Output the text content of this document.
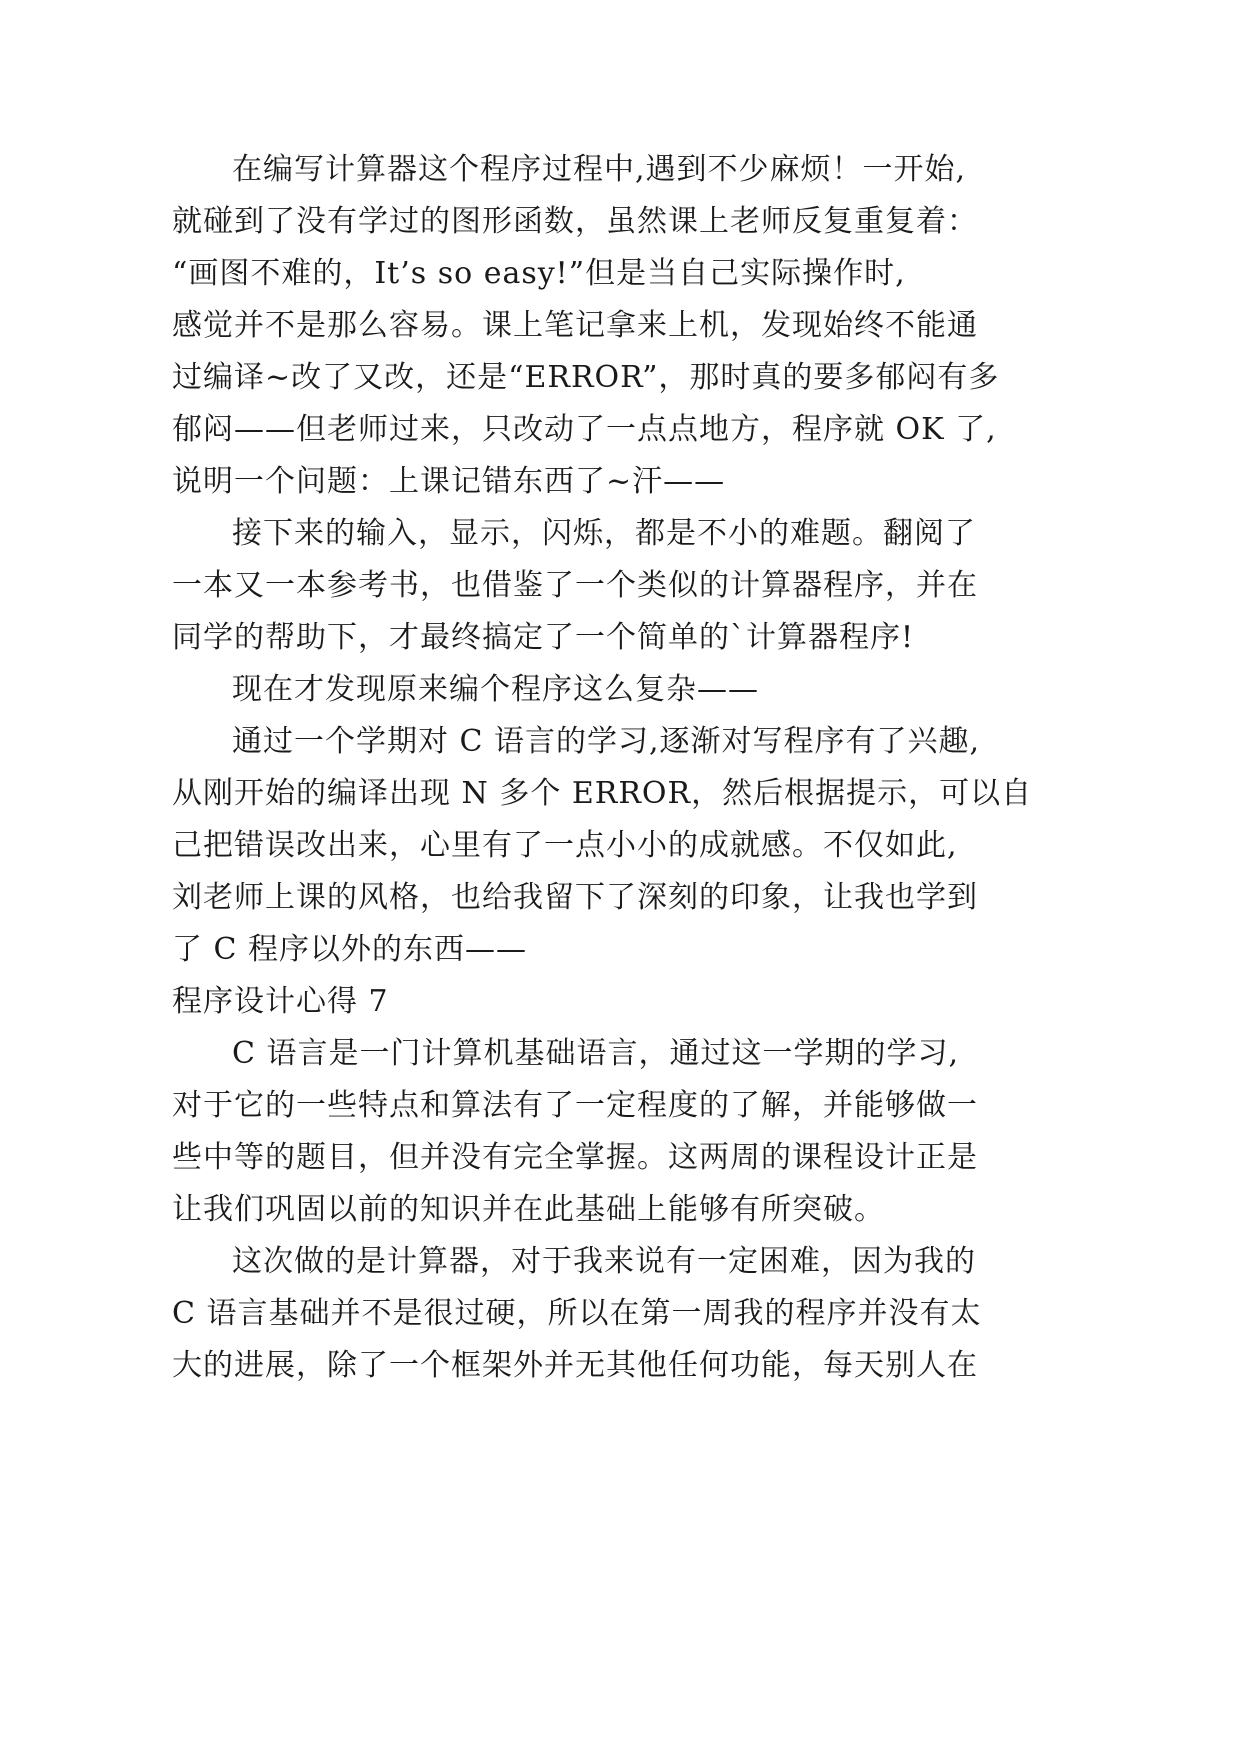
在编写计算器这个程序过程中,遇到不少麻烦！一开始,
就碰到了没有学过的图形函数，虽然课上老师反复重复着：
“画图不难的，It’s so easy!”但是当自己实际操作时,
感觉并不是那么容易。课上笔记拿来上机，发现始终不能通
过编译~改了又改，还是“ERROR”，那时真的要多郁闷有多
郁闷——但老师过来，只改动了一点点地方，程序就 OK 了,
说明一个问题：上课记错东西了~汗——
接下来的输入，显示，闪烁，都是不小的难题。翻阅了
一本又一本参考书，也借鉴了一个类似的计算器程序，并在
同学的帮助下，才最终搞定了一个简单的`计算器程序!
现在才发现原来编个程序这么复杂——
通过一个学期对 C 语言的学习,逐渐对写程序有了兴趣,
从刚开始的编译出现 N 多个 ERROR，然后根据提示，可以自
己把错误改出来，心里有了一点小小的成就感。不仅如此,
刘老师上课的风格，也给我留下了深刻的印象，让我也学到
了 C 程序以外的东西——
程序设计心得 7
C 语言是一门计算机基础语言，通过这一学期的学习,
对于它的一些特点和算法有了一定程度的了解，并能够做一
些中等的题目，但并没有完全掌握。这两周的课程设计正是
让我们巩固以前的知识并在此基础上能够有所突破。
这次做的是计算器，对于我来说有一定困难，因为我的
C 语言基础并不是很过硬，所以在第一周我的程序并没有太
大的进展，除了一个框架外并无其他任何功能，每天别人在
